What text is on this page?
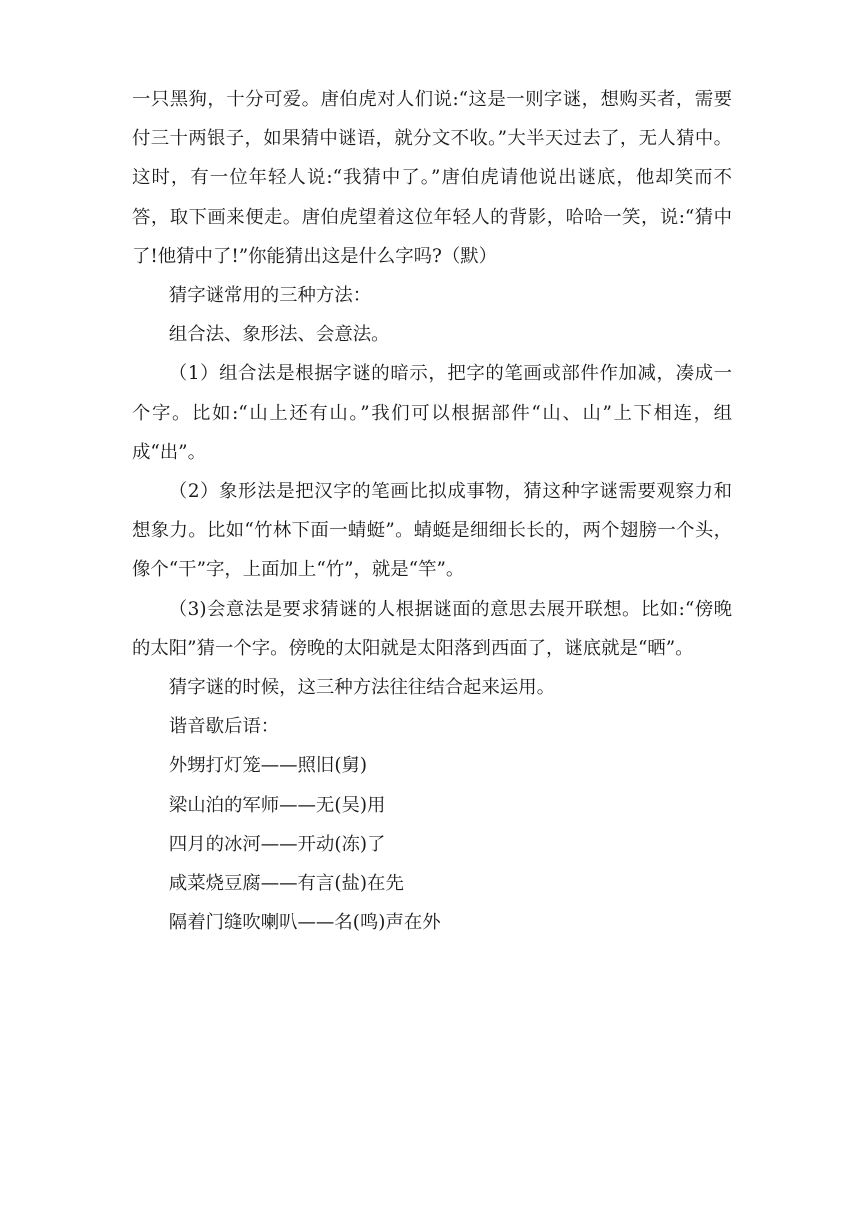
一只黑狗，十分可爱。唐伯虎对人们说:“这是一则字谜，想购买者，需要付三十两银子，如果猜中谜语，就分文不收。”大半天过去了，无人猜中。这时，有一位年轻人说:“我猜中了。”唐伯虎请他说出谜底，他却笑而不答，取下画来便走。唐伯虎望着这位年轻人的背影，哈哈一笑，说:“猜中了!他猜中了!”你能猜出这是什么字吗?（默）

猜字谜常用的三种方法：

组合法、象形法、会意法。

（1）组合法是根据字谜的暗示，把字的笔画或部件作加减，凑成一个字。比如:“山上还有山。”我们可以根据部件“山、山”上下相连，组成“出”。

（2）象形法是把汉字的笔画比拟成事物，猜这种字谜需要观察力和想象力。比如“竹林下面一蜻蜓”。蜻蜓是细细长长的，两个翅膀一个头，像个“干”字，上面加上“竹”，就是“竿”。

（3)会意法是要求猜谜的人根据谜面的意思去展开联想。比如:“傍晚的太阳”猜一个字。傍晚的太阳就是太阳落到西面了，谜底就是“晒”。

猜字谜的时候，这三种方法往往结合起来运用。

谐音歇后语：

外甥打灯笼——照旧(舅)

梁山泊的军师——无(吴)用

四月的冰河——开动(冻)了

咸菜烧豆腐——有言(盐)在先

隔着门缝吹喇叭——名(鸣)声在外
